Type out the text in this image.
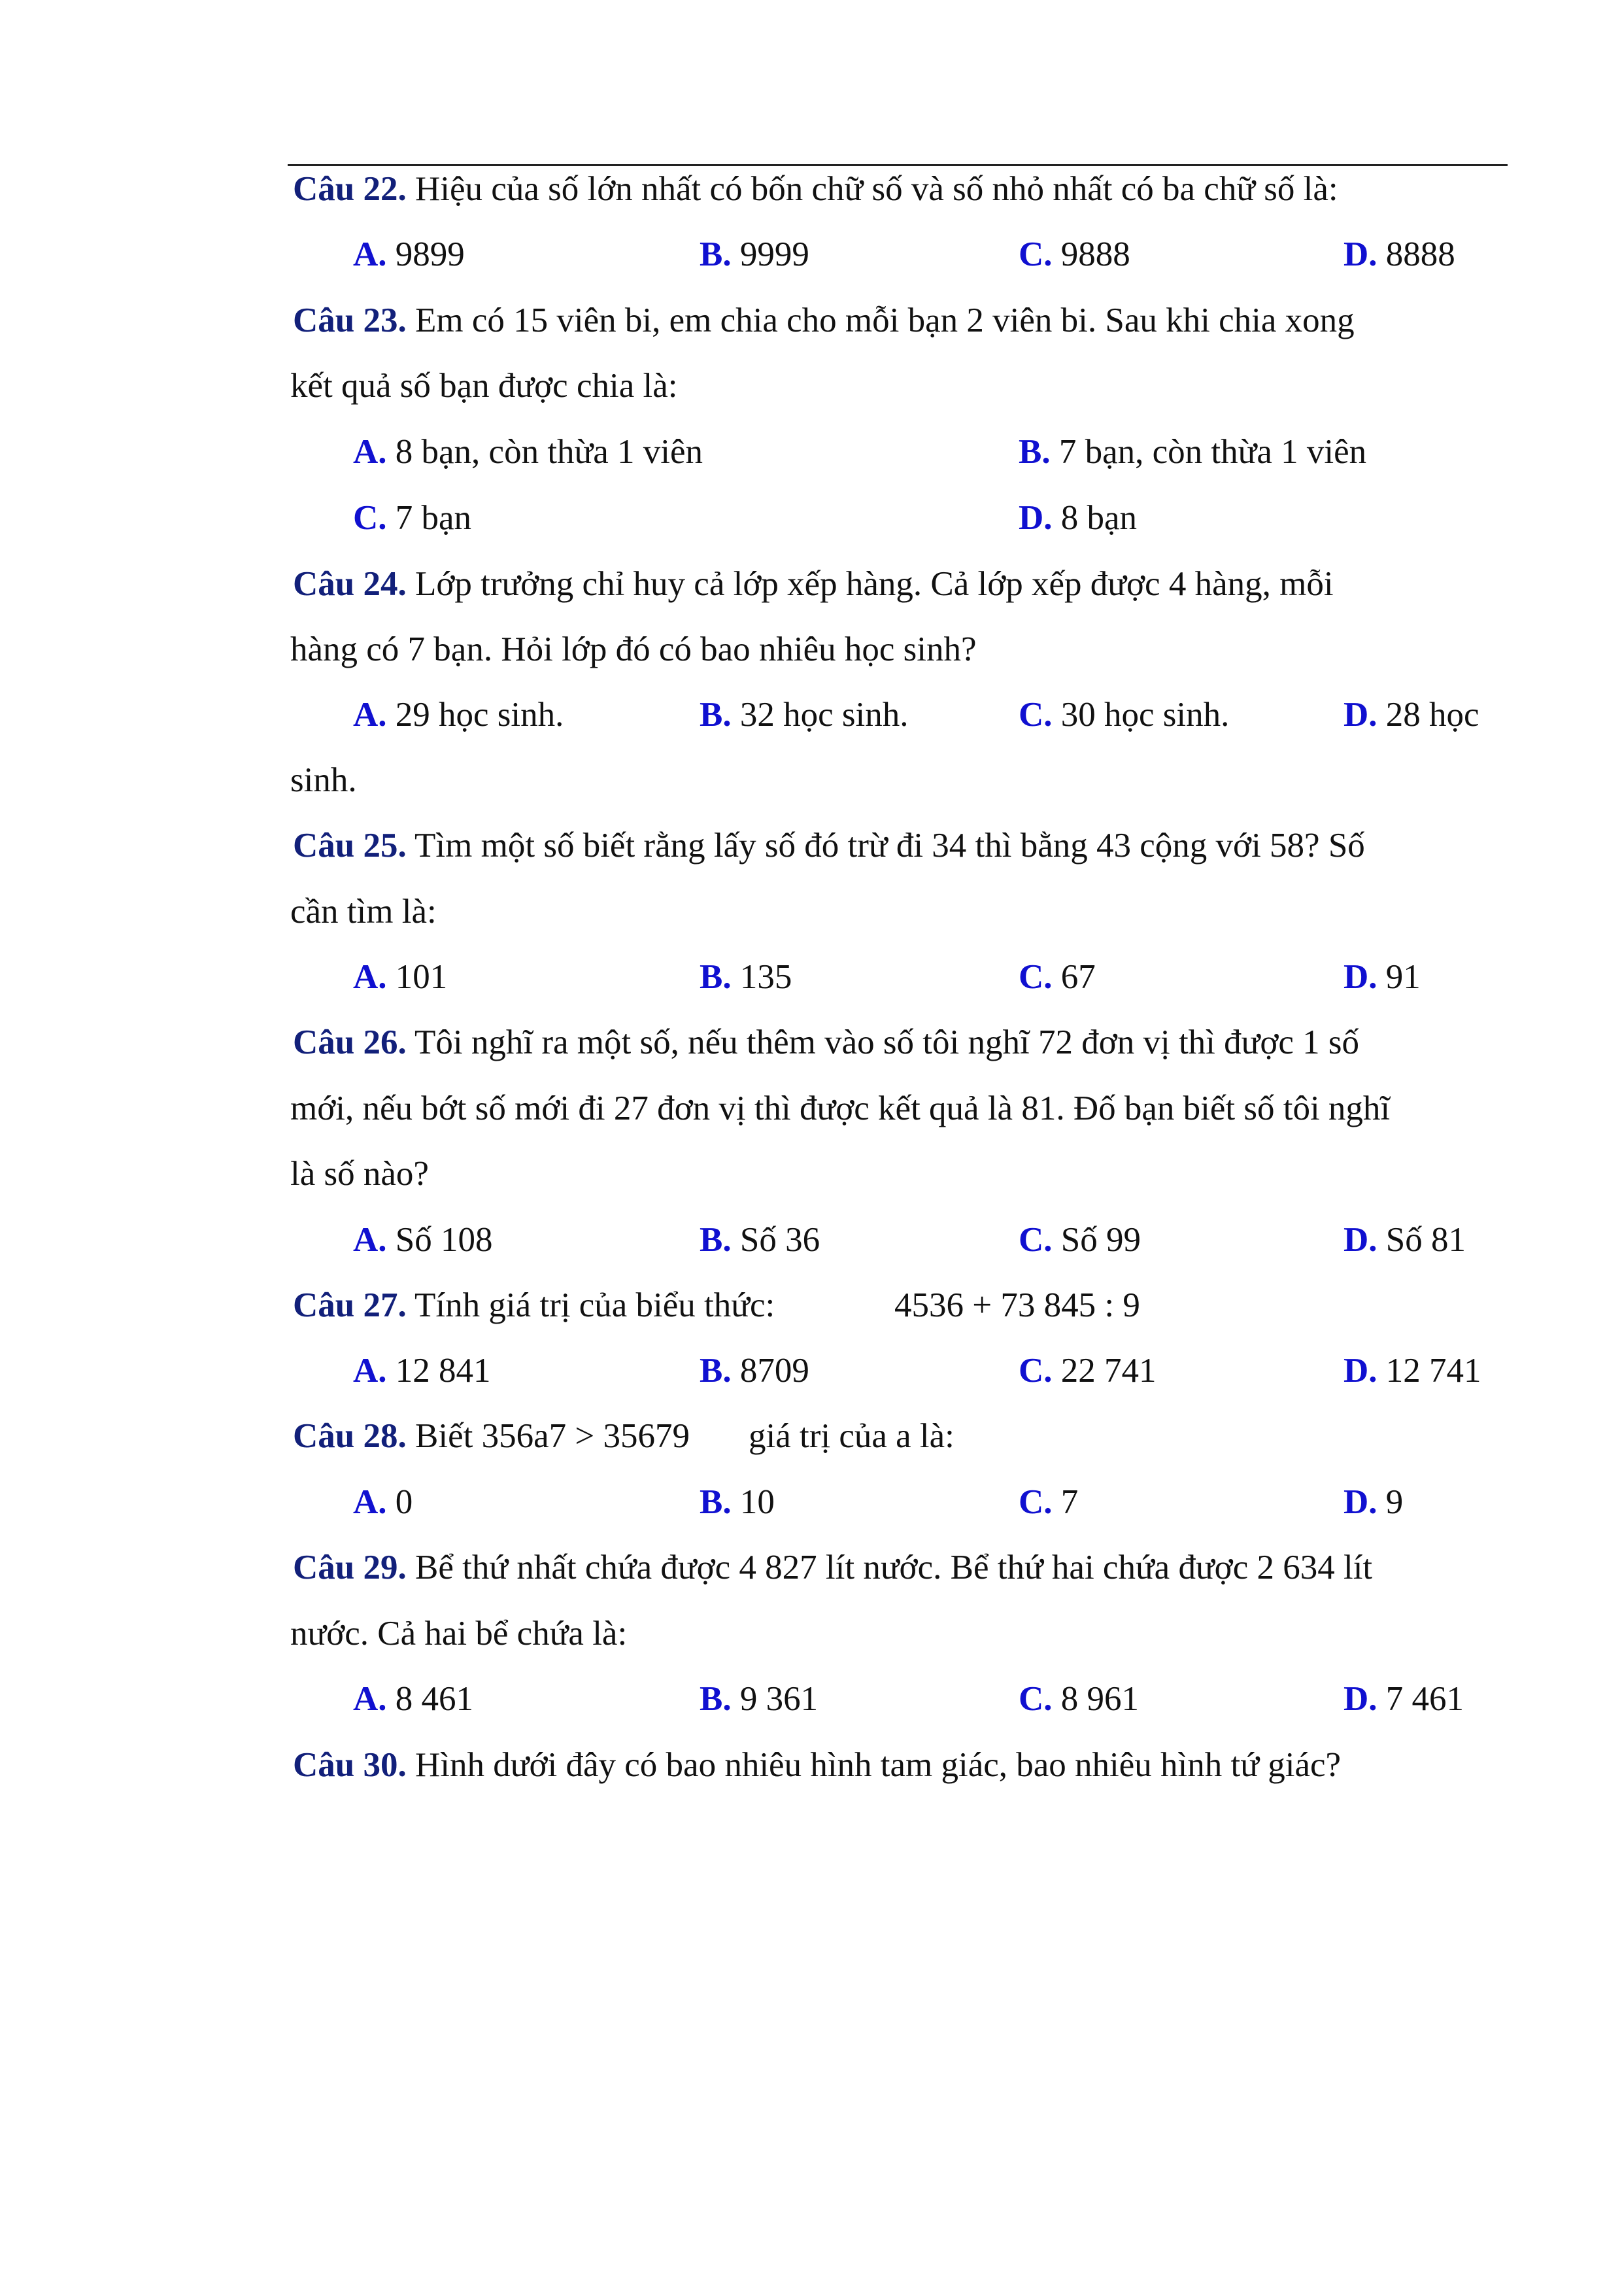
Câu 22. Hiệu của số lớn nhất có bốn chữ số và số nhỏ nhất có ba chữ số là:
A. 9899	B. 9999	C. 9888	D. 8888
Câu 23. Em có 15 viên bi, em chia cho mỗi bạn 2 viên bi. Sau khi chia xong
kết quả số bạn được chia là:
A. 8 bạn, còn thừa 1 viên	B. 7 bạn, còn thừa 1 viên
C. 7 bạn	D. 8 bạn
Câu 24. Lớp trưởng chỉ huy cả lớp xếp hàng. Cả lớp xếp được 4 hàng, mỗi
hàng có 7 bạn. Hỏi lớp đó có bao nhiêu học sinh?
A. 29 học sinh.	B. 32 học sinh.	C. 30 học sinh.	D. 28 học
sinh.
Câu 25. Tìm một số biết rằng lấy số đó trừ đi 34 thì bằng 43 cộng với 58? Số
cần tìm là:
A. 101	B. 135	C. 67	D. 91
Câu 26. Tôi nghĩ ra một số, nếu thêm vào số tôi nghĩ 72 đơn vị thì được 1 số
mới, nếu bớt số mới đi 27 đơn vị thì được kết quả là 81. Đố bạn biết số tôi nghĩ
là số nào?
A. Số 108	B. Số 36	C. Số 99	D. Số 81
Câu 27. Tính giá trị của biểu thức:	4536 + 73 845 : 9
A. 12 841	B. 8709	C. 22 741	D. 12 741
Câu 28. Biết 356a7 > 35679 giá trị của a là:
A. 0	B. 10	C. 7	D. 9
Câu 29. Bể thứ nhất chứa được 4 827 lít nước. Bể thứ hai chứa được 2 634 lít
nước. Cả hai bể chứa là:
A. 8 461	B. 9 361	C. 8 961	D. 7 461
Câu 30. Hình dưới đây có bao nhiêu hình tam giác, bao nhiêu hình tứ giác?
